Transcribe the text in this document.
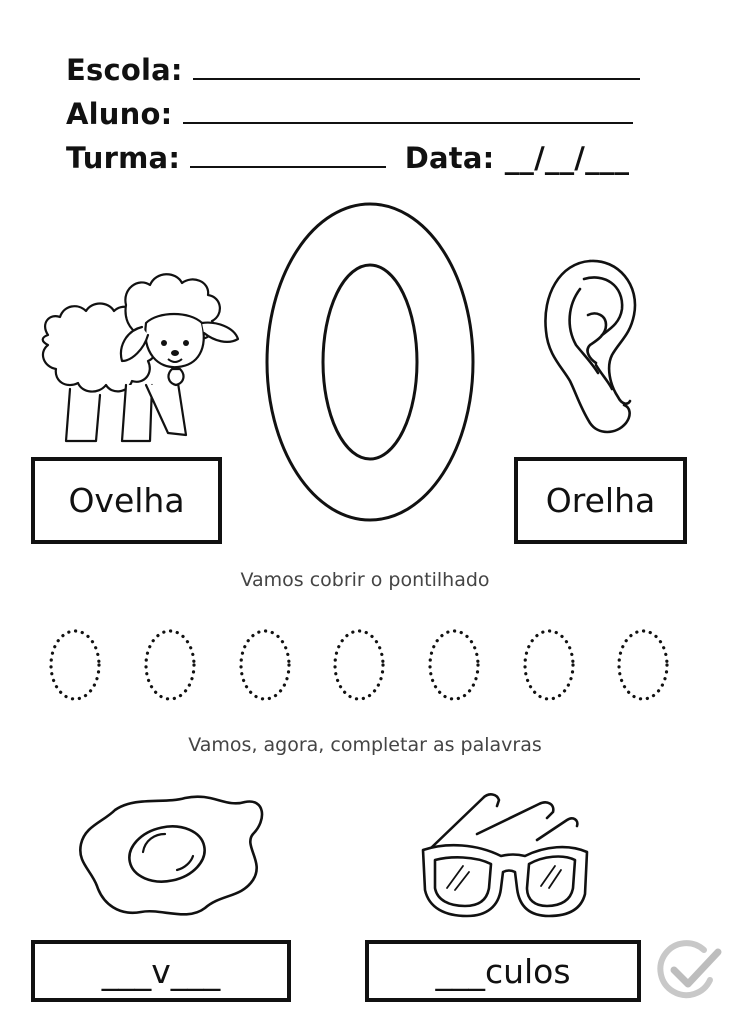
Escola:
Aluno:
Turma:	Data: __/__/___
Ovelha	Orelha
Vamos cobrir o pontilhado
Vamos, agora, completar as palavras
___v___	___culos
